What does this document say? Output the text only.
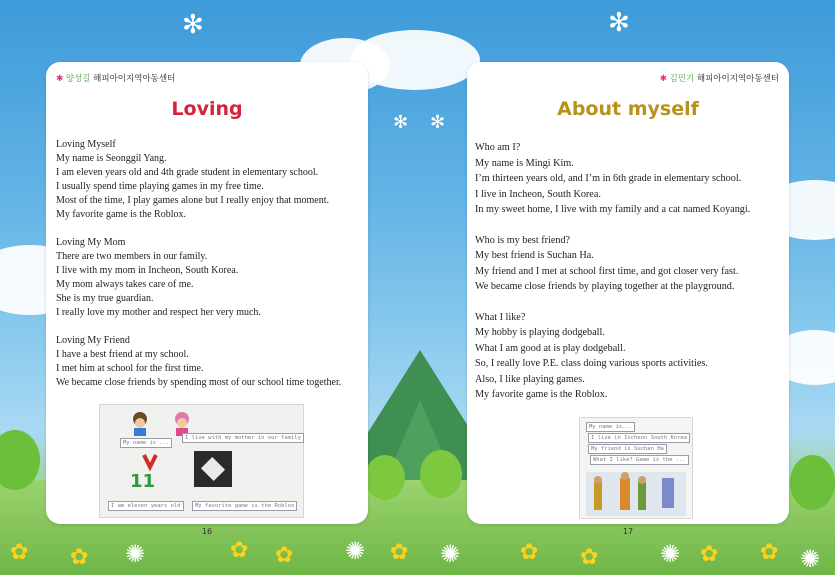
✻	✻
✻ ✻
✿ ✿ ✺	✿ ✿ ✺ ✿ ✺	✿ ✿	✺ ✿ ✿ ✺
✱ 양성길 해피아이지역아동센터
Loving
Loving Myself
My name is Seonggil Yang.
I am eleven years old and 4th grade student in elementary school.
I usually spend time playing games in my free time.
Most of the time, I play games alone but I really enjoy that moment.
My favorite game is the Roblox.
Loving My Mom
There are two members in our family.
I live with my mom in Incheon, South Korea.
My mom always takes care of me.
She is my true guardian.
I really love my mother and respect her very much.
Loving My Friend
I have a best friend at my school.
I met him at school for the first time.
We became close friends by spending most of our school time together.
My name is ...
I live with my mother in our family
11
I am eleven years old	My favorite game is the Roblox
16
✱ 김민기 해피아이지역아동센터
About myself
Who am I?
My name is Mingi Kim.
I’m thirteen years old, and I’m in 6th grade in elementary school.
I live in Incheon, South Korea.
In my sweet home, I live with my family and a cat named Koyangi.
Who is my best friend?
My best friend is Suchan Ha.
My friend and I met at school first time, and got closer very fast.
We became close friends by playing together at the playground.
What I like?
My hobby is playing dodgeball.
What I am good at is play dodgeball.
So, I really love P.E. class doing various sports activities.
Also, I like playing games.
My favorite game is the Roblox.
My name is...
I live in Incheon South Korea
My friend is Suchan Ha
What I like? Game is the ...
17
